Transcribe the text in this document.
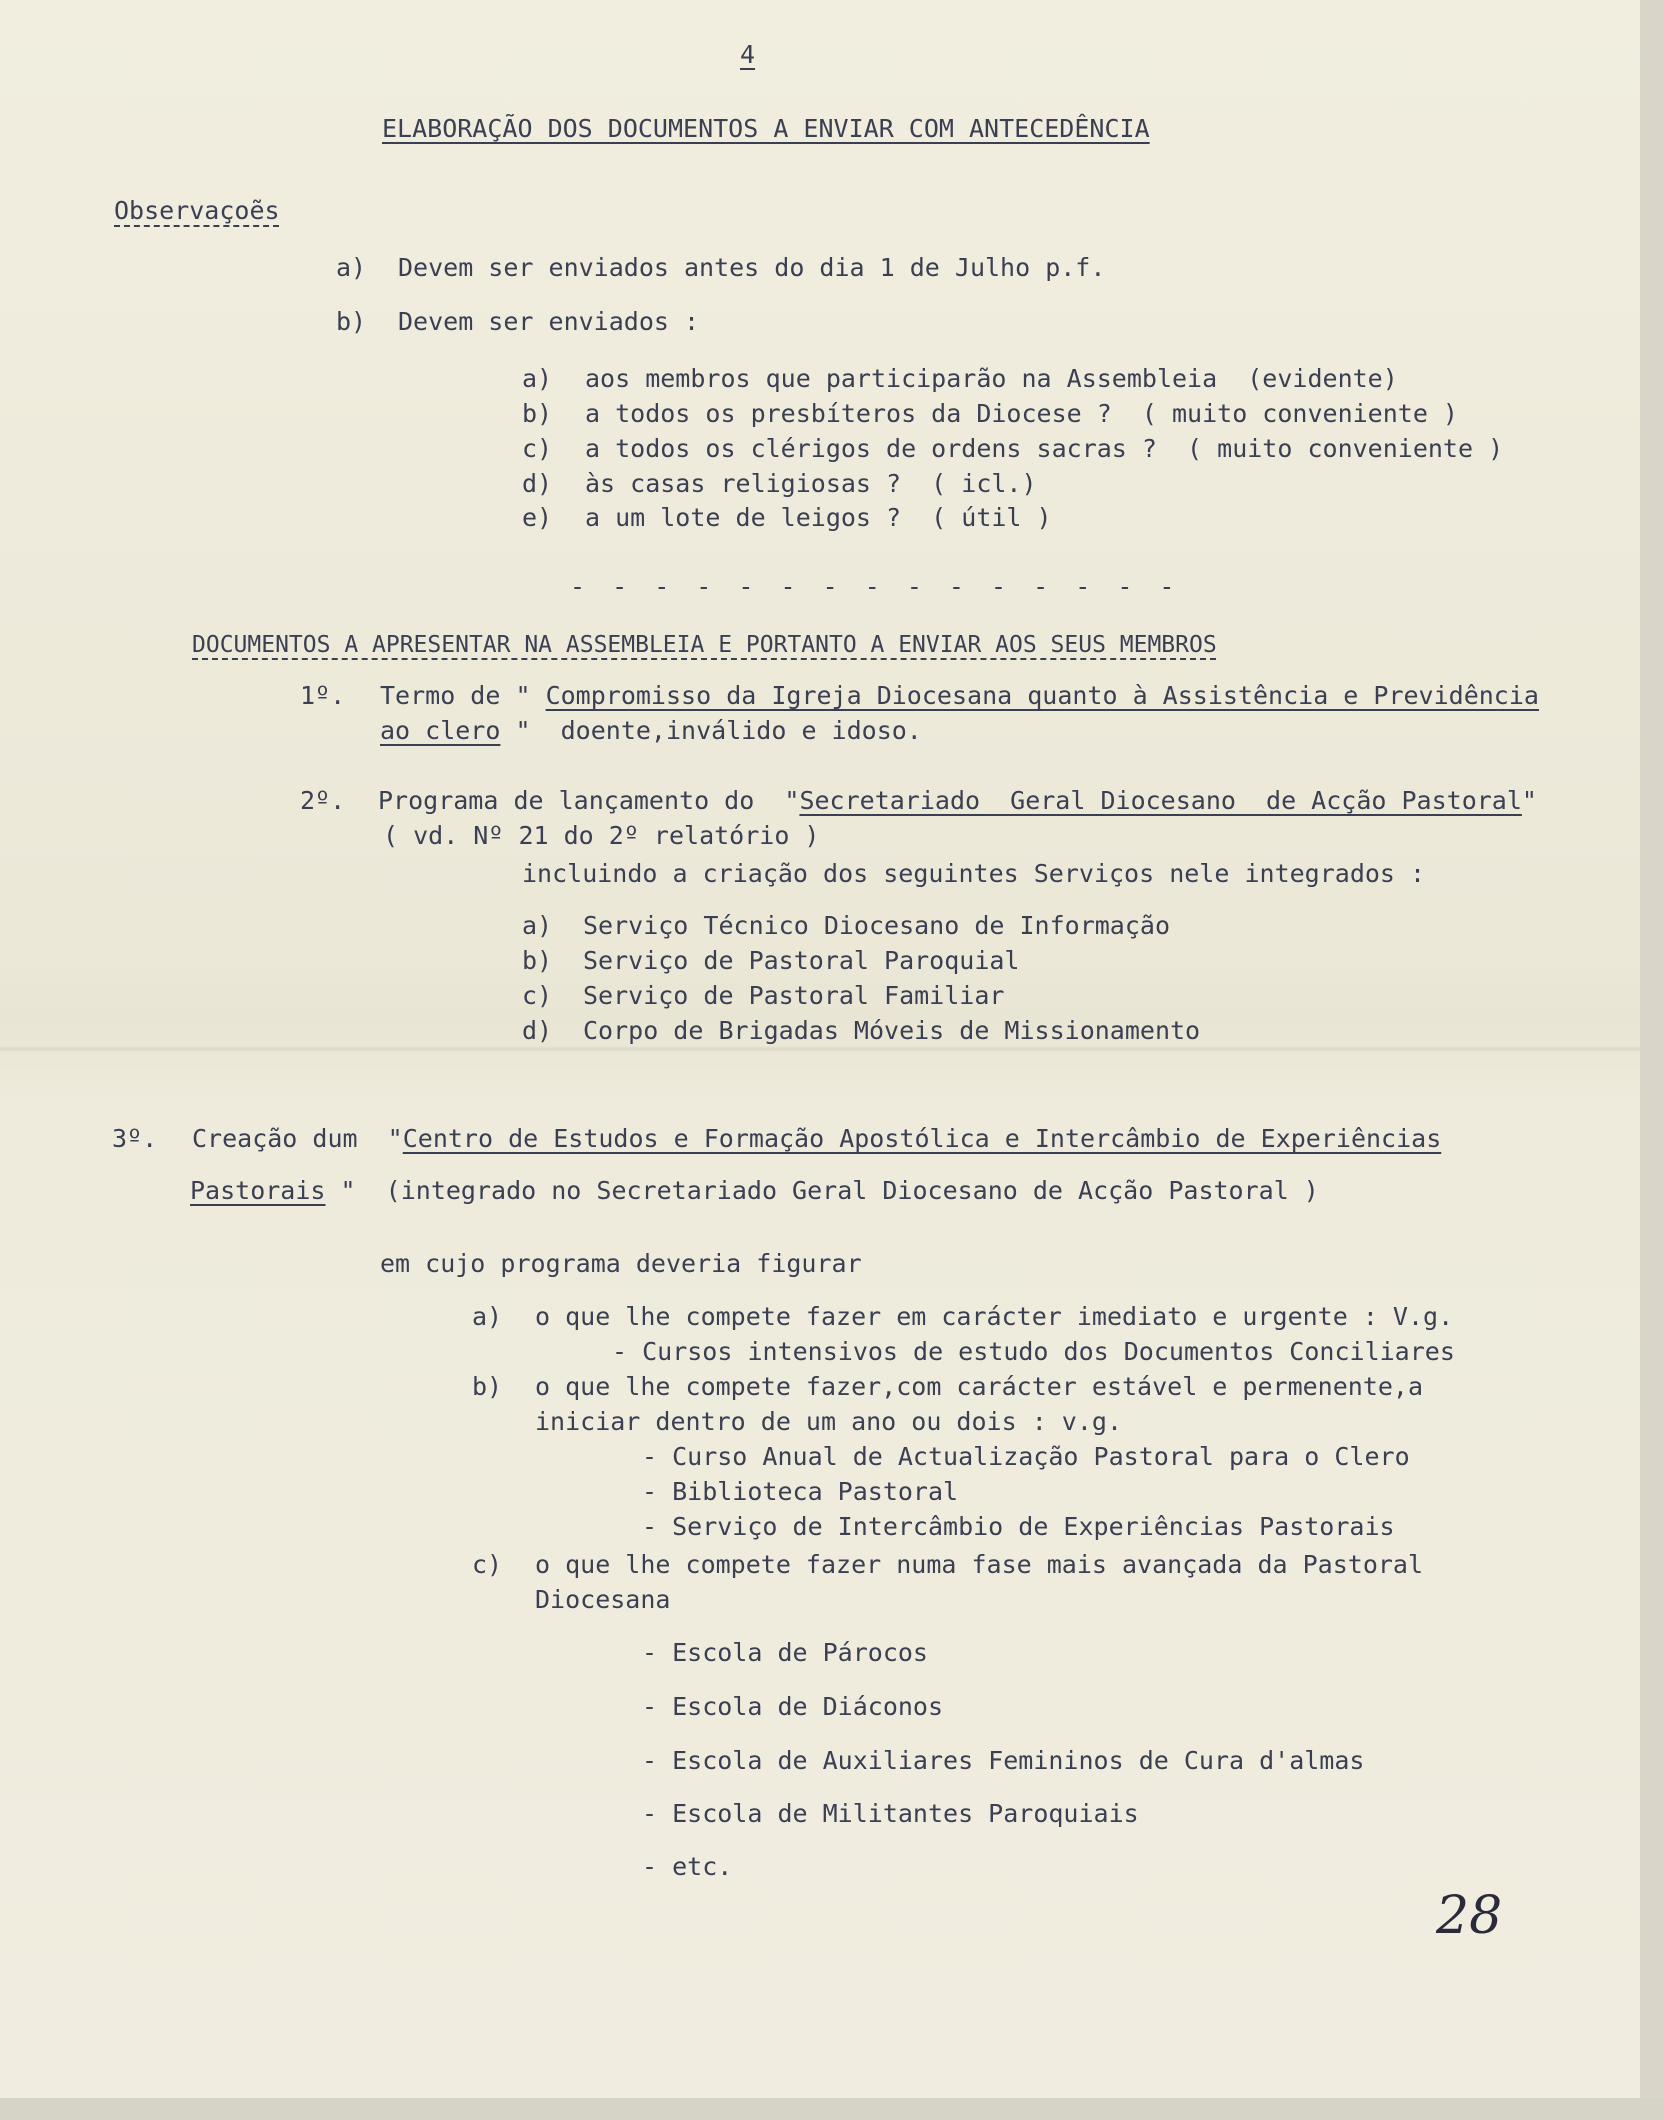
4
ELABORAÇÃO DOS DOCUMENTOS A ENVIAR COM ANTECEDÊNCIA
Observaçoẽs
a) Devem ser enviados antes do dia 1 de Julho p.f.
b) Devem ser enviados :
a) aos membros que participarão na Assembleia  (evidente)
b) a todos os presbíteros da Diocese ?  ( muito conveniente )
c) a todos os clérigos de ordens sacras ?  ( muito conveniente )
d) às casas religiosas ?  ( icl.)
e) a um lote de leigos ?  ( útil )
- - - - - - - - - - - - - - -
DOCUMENTOS A APRESENTAR NA ASSEMBLEIA E PORTANTO A ENVIAR AOS SEUS MEMBROS
1º. Termo de " Compromisso da Igreja Diocesana quanto à Assistência e Previdência
ao clero "  doente,inválido e idoso.
2º. Programa de lançamento do  "Secretariado  Geral Diocesano  de Acção Pastoral"
( vd. Nº 21 do 2º relatório )
incluindo a criação dos seguintes Serviços nele integrados :
a) Serviço Técnico Diocesano de Informação
b) Serviço de Pastoral Paroquial
c) Serviço de Pastoral Familiar
d) Corpo de Brigadas Móveis de Missionamento
3º. Creação dum  "Centro de Estudos e Formação Apostólica e Intercâmbio de Experiências
Pastorais "  (integrado no Secretariado Geral Diocesano de Acção Pastoral )
em cujo programa deveria figurar
a) o que lhe compete fazer em carácter imediato e urgente : V.g.
- Cursos intensivos de estudo dos Documentos Conciliares
b) o que lhe compete fazer,com carácter estável e permenente,a
iniciar dentro de um ano ou dois : v.g.
- Curso Anual de Actualização Pastoral para o Clero
- Biblioteca Pastoral
- Serviço de Intercâmbio de Experiências Pastorais
c) o que lhe compete fazer numa fase mais avançada da Pastoral
Diocesana
- Escola de Párocos
- Escola de Diáconos
- Escola de Auxiliares Femininos de Cura d'almas
- Escola de Militantes Paroquiais
- etc.
28
